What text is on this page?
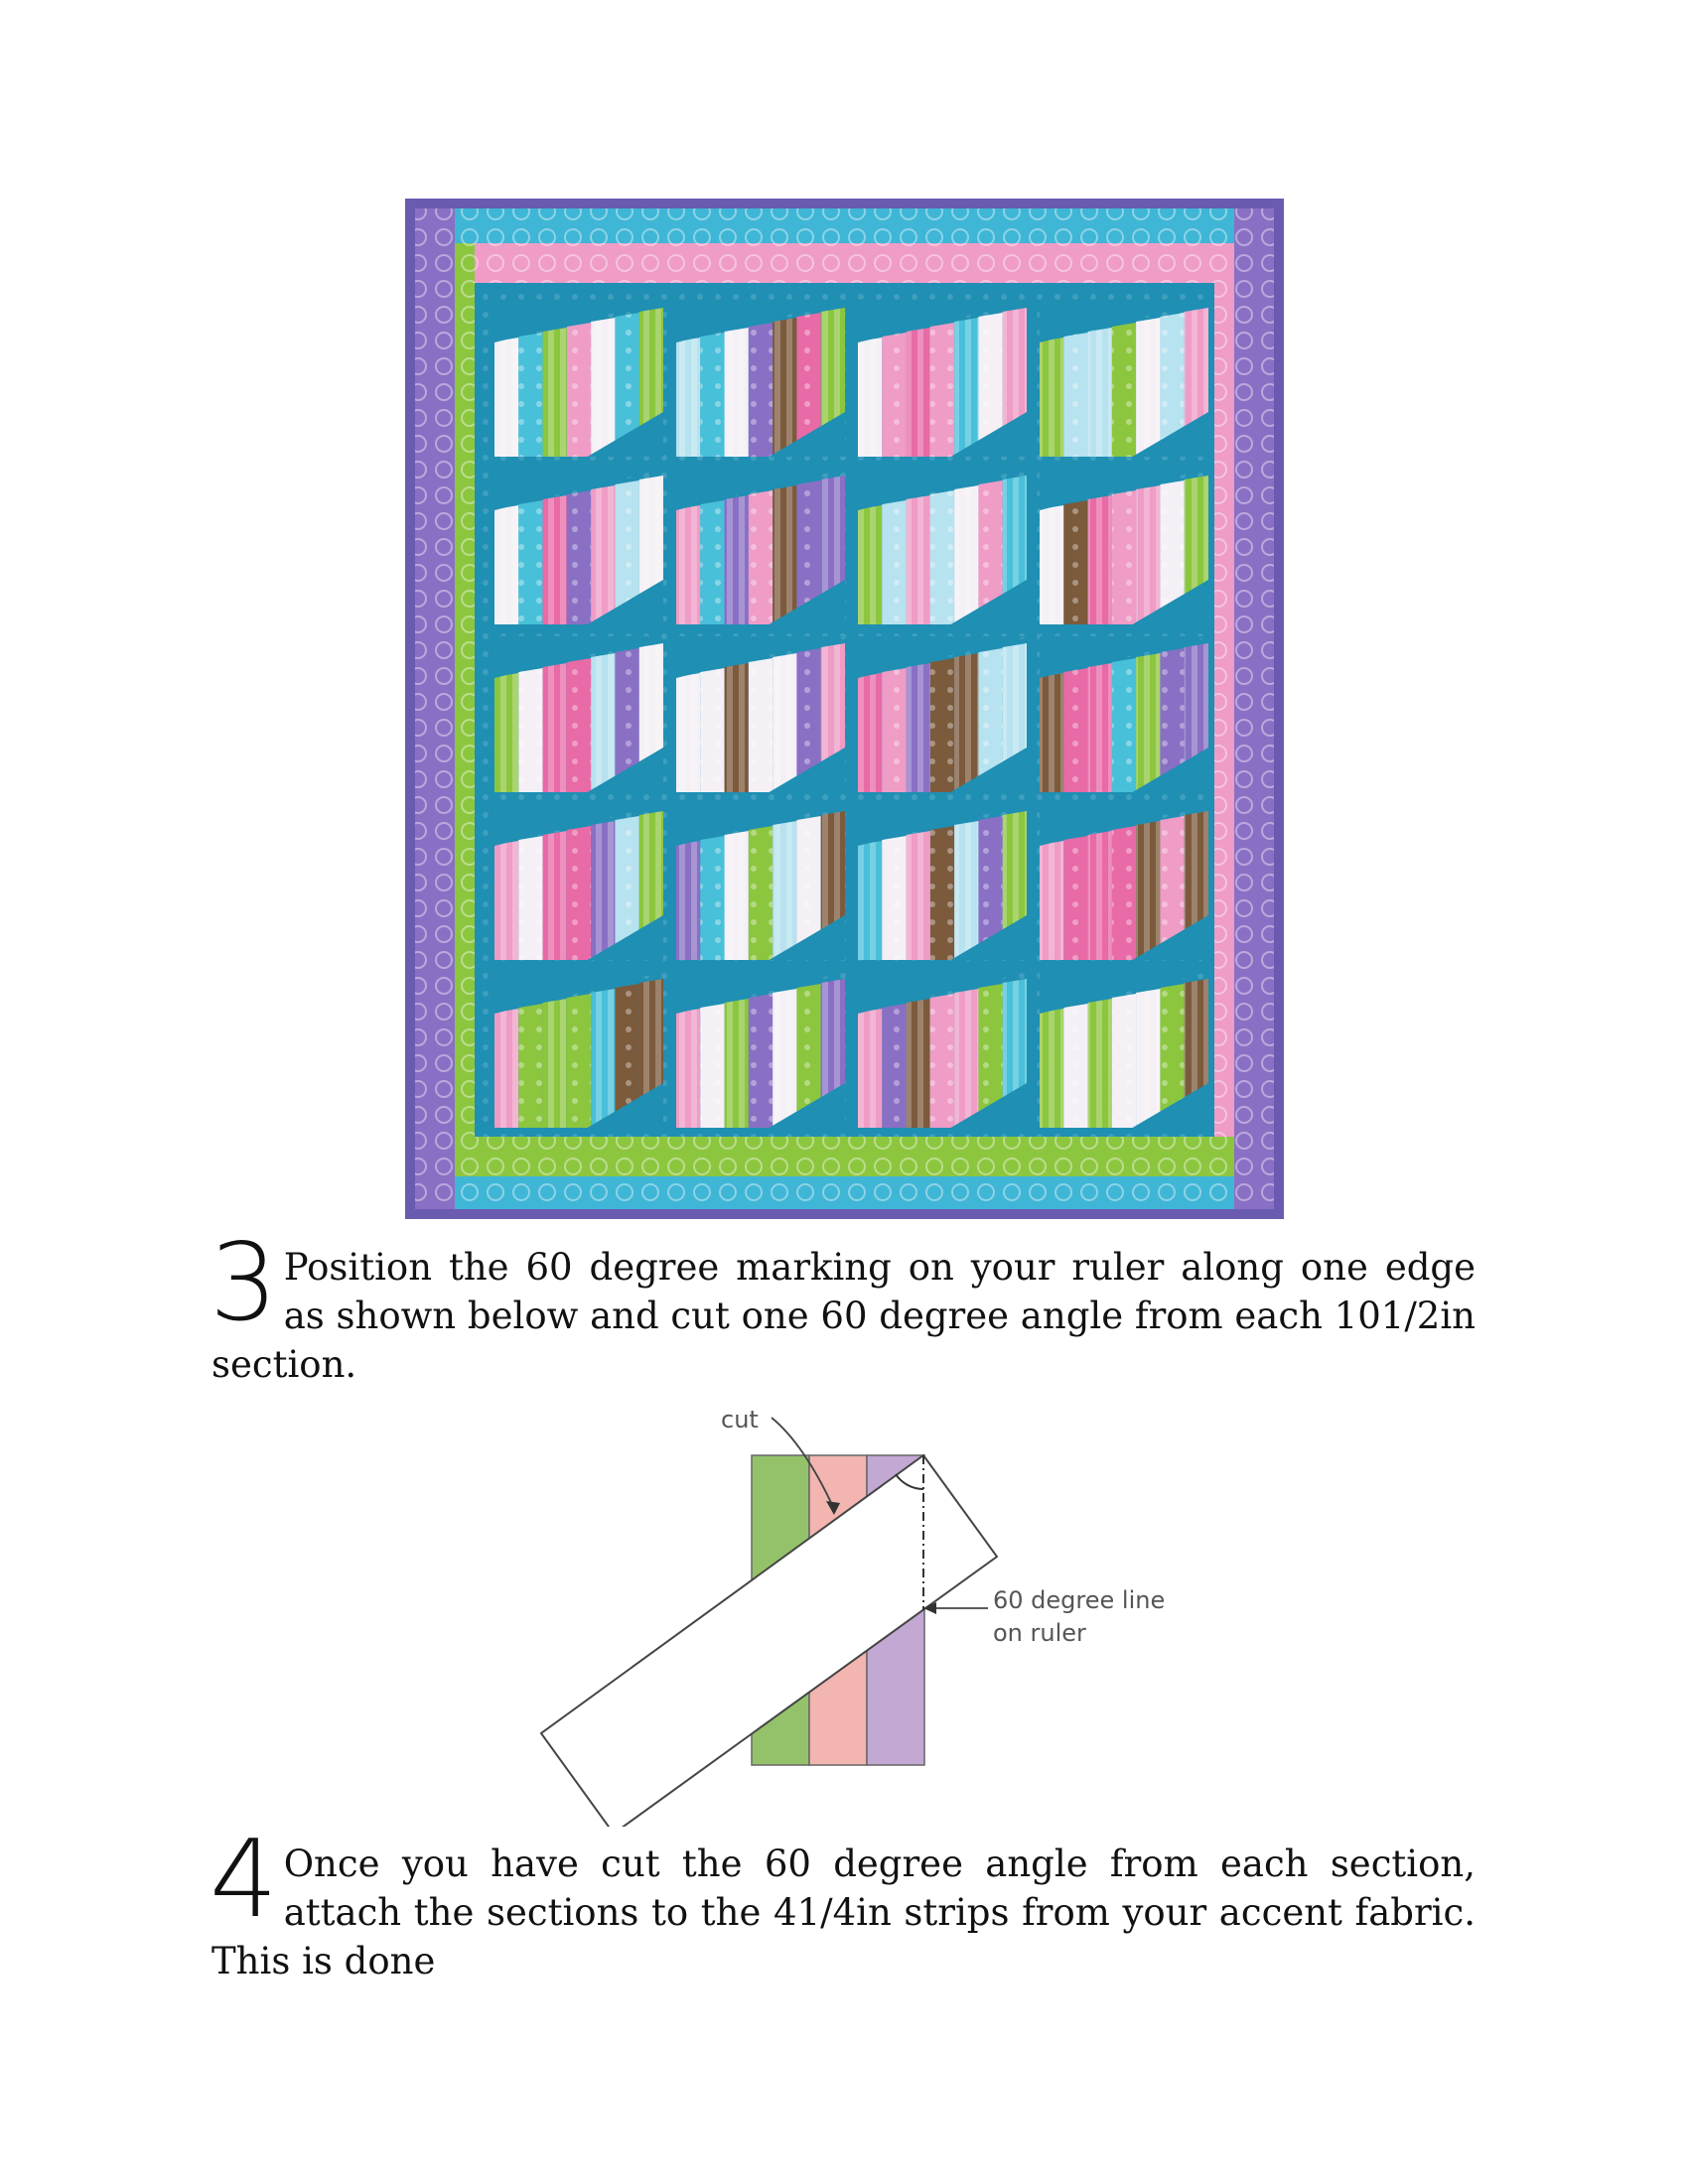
3 Position the 60 degree marking on your ruler along one edge as shown below and cut one 60 degree angle from each 101/2in section.
cut
60 degree line
on ruler
4 Once you have cut the 60 degree angle from each section, attach the sections to the 41/4in strips from your accent fabric. This is done
